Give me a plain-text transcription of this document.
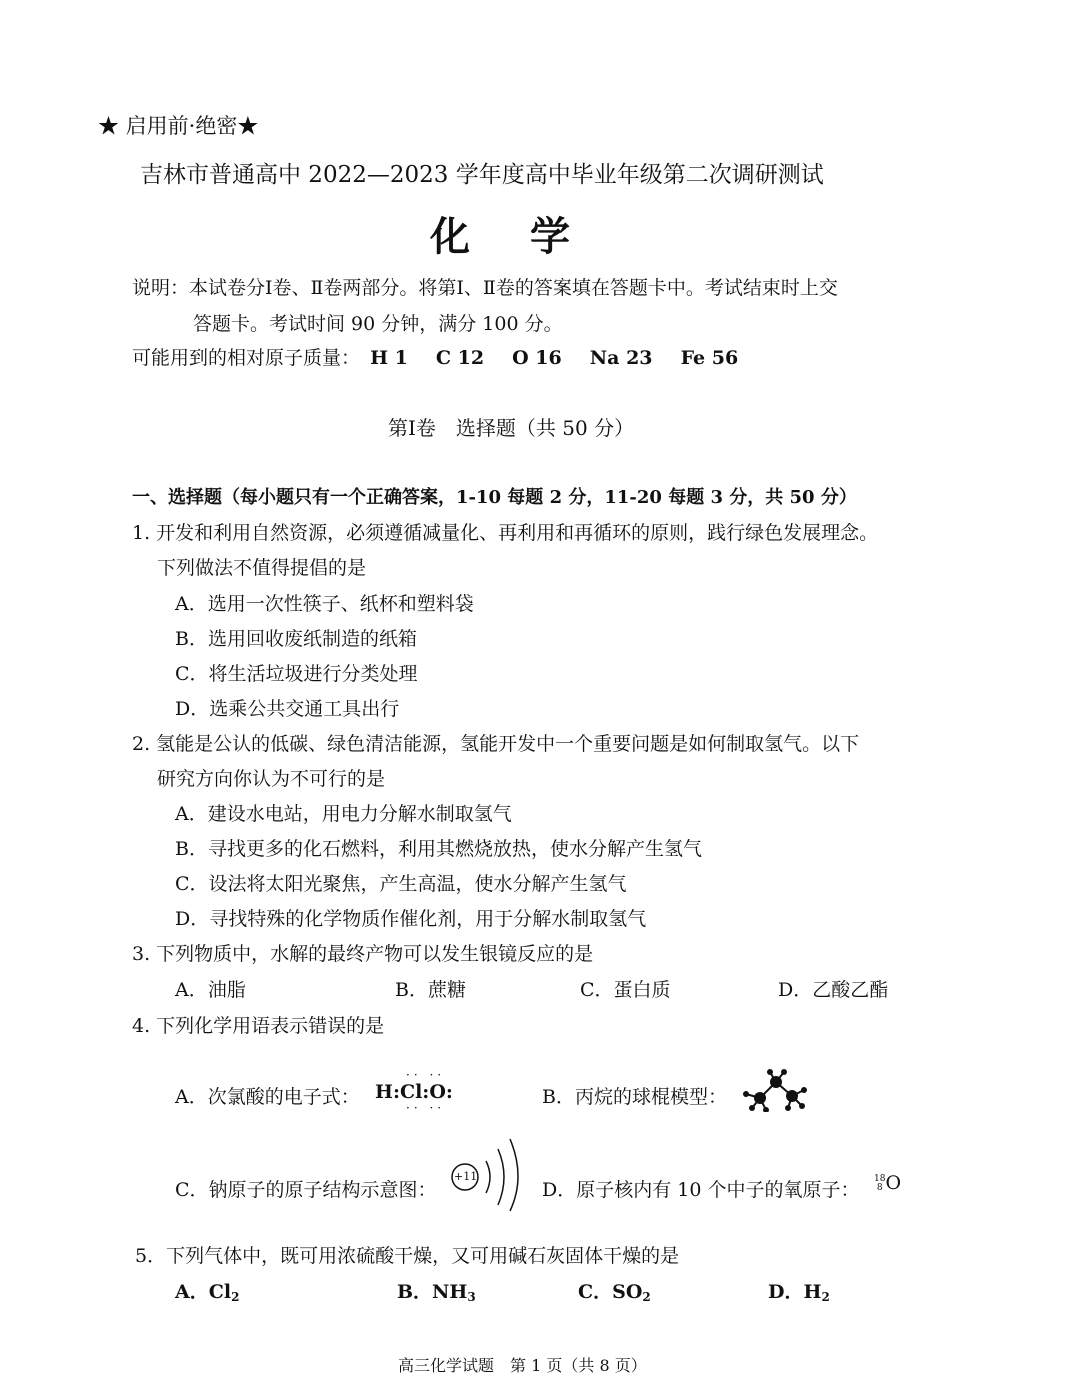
★ 启用前·绝密★
吉林市普通高中 2022—2023 学年度高中毕业年级第二次调研测试
化学
说明：本试卷分Ⅰ卷、Ⅱ卷两部分。将第Ⅰ、Ⅱ卷的答案填在答题卡中。考试结束时上交
答题卡。考试时间 90 分钟，满分 100 分。
可能用到的相对原子质量： H 1 C 12 O 16 Na 23 Fe 56
第Ⅰ卷　选择题（共 50 分）
一、选择题（每小题只有一个正确答案，1-10 每题 2 分，11-20 每题 3 分，共 50 分）
1. 开发和利用自然资源，必须遵循减量化、再利用和再循环的原则，践行绿色发展理念。
下列做法不值得提倡的是
A．选用一次性筷子、纸杯和塑料袋
B．选用回收废纸制造的纸箱
C．将生活垃圾进行分类处理
D．选乘公共交通工具出行
2. 氢能是公认的低碳、绿色清洁能源，氢能开发中一个重要问题是如何制取氢气。以下
研究方向你认为不可行的是
A．建设水电站，用电力分解水制取氢气
B．寻找更多的化石燃料，利用其燃烧放热，使水分解产生氢气
C．设法将太阳光聚焦，产生高温，使水分解产生氢气
D．寻找特殊的化学物质作催化剂，用于分解水制取氢气
3. 下列物质中，水解的最终产物可以发生银镜反应的是
A．油脂	B．蔗糖	C．蛋白质	D．乙酸乙酯
4. 下列化学用语表示错误的是
A．次氯酸的电子式：
·· ··
H:Cl:O:
·· ··	B．丙烷的球棍模型：
C．钠原子的原子结构示意图：
+11
D．原子核内有 10 个中子的氧原子： 18
8 O
5．下列气体中，既可用浓硫酸干燥，又可用碱石灰固体干燥的是
A．$Cl_2$	B．$NH_3$	C．$SO_2$	D．$H_2$
高三化学试题　第 1 页（共 8 页）
